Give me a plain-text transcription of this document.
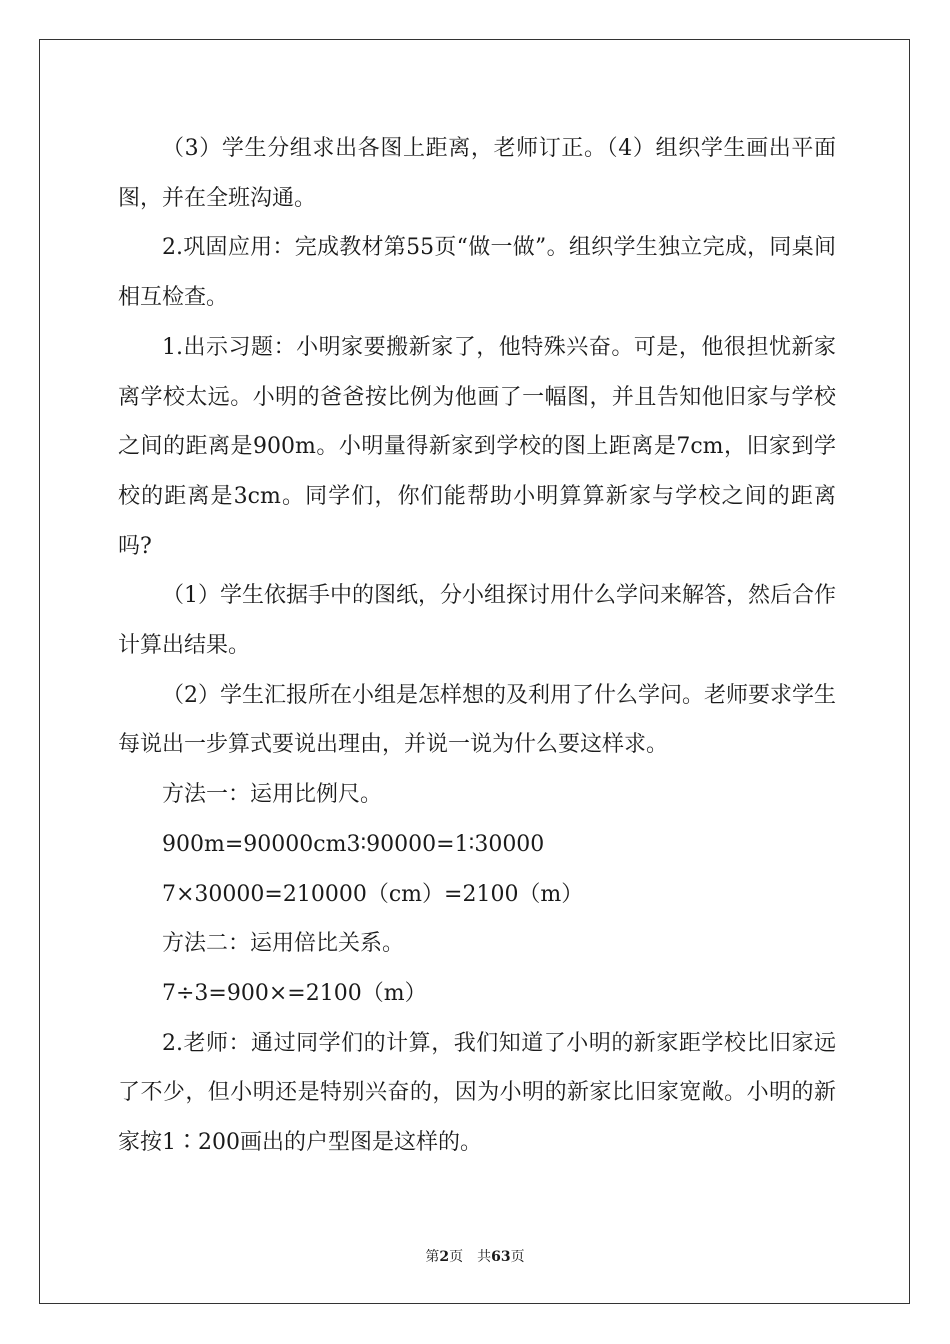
（3）学生分组求出各图上距离，老师订正。（4）组织学生画出平面图，并在全班沟通。

2.巩固应用：完成教材第55页“做一做”。组织学生独立完成，同桌间相互检查。

1.出示习题：小明家要搬新家了，他特殊兴奋。可是，他很担忧新家离学校太远。小明的爸爸按比例为他画了一幅图，并且告知他旧家与学校之间的距离是900m。小明量得新家到学校的图上距离是7cm，旧家到学校的距离是3cm。同学们，你们能帮助小明算算新家与学校之间的距离吗?

（1）学生依据手中的图纸，分小组探讨用什么学问来解答，然后合作计算出结果。

（2）学生汇报所在小组是怎样想的及利用了什么学问。老师要求学生每说出一步算式要说出理由，并说一说为什么要这样求。

方法一：运用比例尺。

900m=90000cm3∶90000=1∶30000

7×30000=210000（cm）=2100（m）

方法二：运用倍比关系。

7÷3=900×=2100（m）

2.老师：通过同学们的计算，我们知道了小明的新家距学校比旧家远了不少，但小明还是特别兴奋的，因为小明的新家比旧家宽敞。小明的新家按1∶200画出的户型图是这样的。

第2页 共63页
